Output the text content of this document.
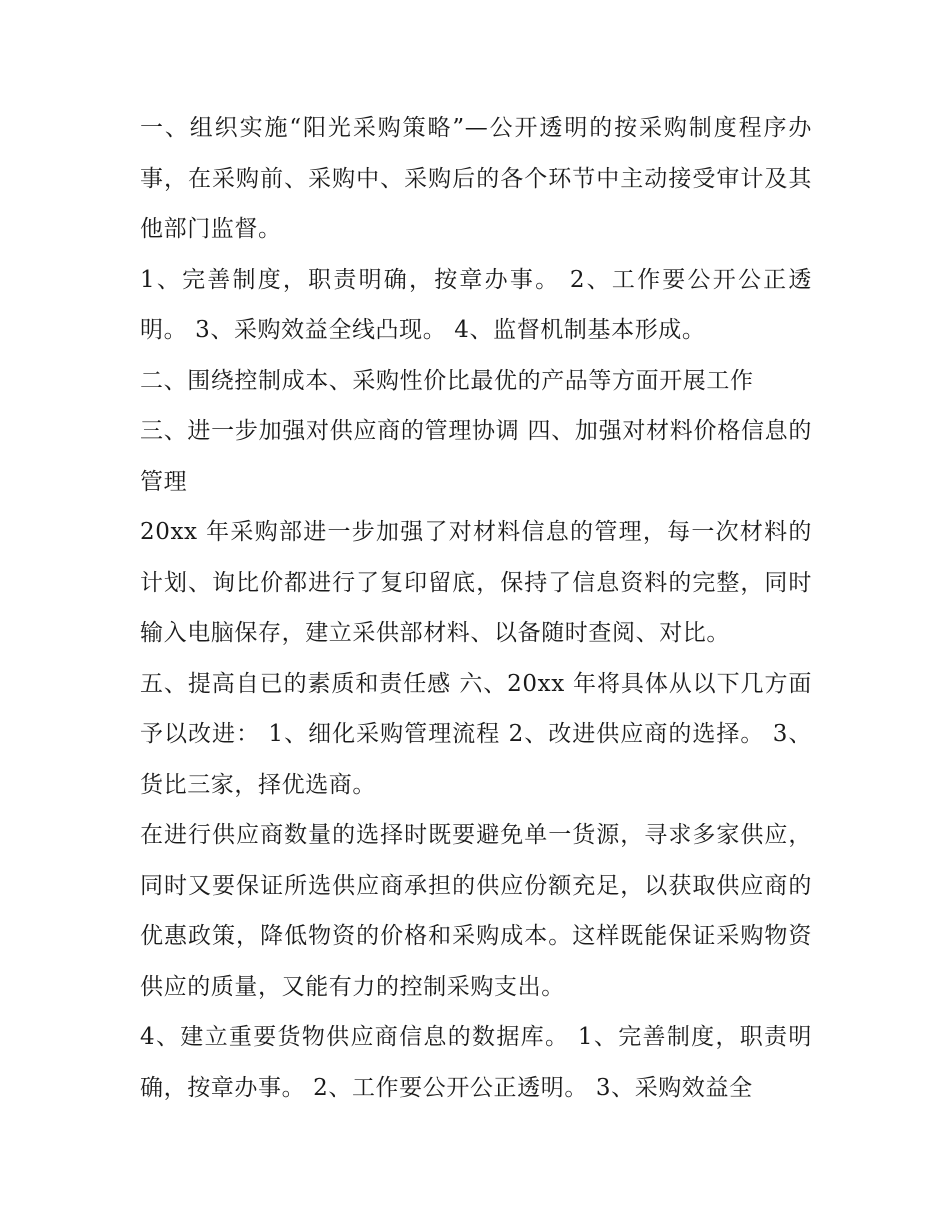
一、组织实施“阳光采购策略”—公开透明的按采购制度程序办事，在采购前、采购中、采购后的各个环节中主动接受审计及其他部门监督。

1、完善制度，职责明确，按章办事。 2、工作要公开公正透明。 3、采购效益全线凸现。 4、监督机制基本形成。

二、围绕控制成本、采购性价比最优的产品等方面开展工作

三、进一步加强对供应商的管理协调 四、加强对材料价格信息的管理

20xx 年采购部进一步加强了对材料信息的管理，每一次材料的计划、询比价都进行了复印留底，保持了信息资料的完整，同时输入电脑保存，建立采供部材料、以备随时查阅、对比。

五、提高自已的素质和责任感 六、20xx 年将具体从以下几方面予以改进： 1、细化采购管理流程 2、改进供应商的选择。 3、货比三家，择优选商。

在进行供应商数量的选择时既要避免单一货源，寻求多家供应，同时又要保证所选供应商承担的供应份额充足，以获取供应商的优惠政策，降低物资的价格和采购成本。这样既能保证采购物资供应的质量，又能有力的控制采购支出。

4、建立重要货物供应商信息的数据库。 1、完善制度，职责明确，按章办事。 2、工作要公开公正透明。 3、采购效益全
